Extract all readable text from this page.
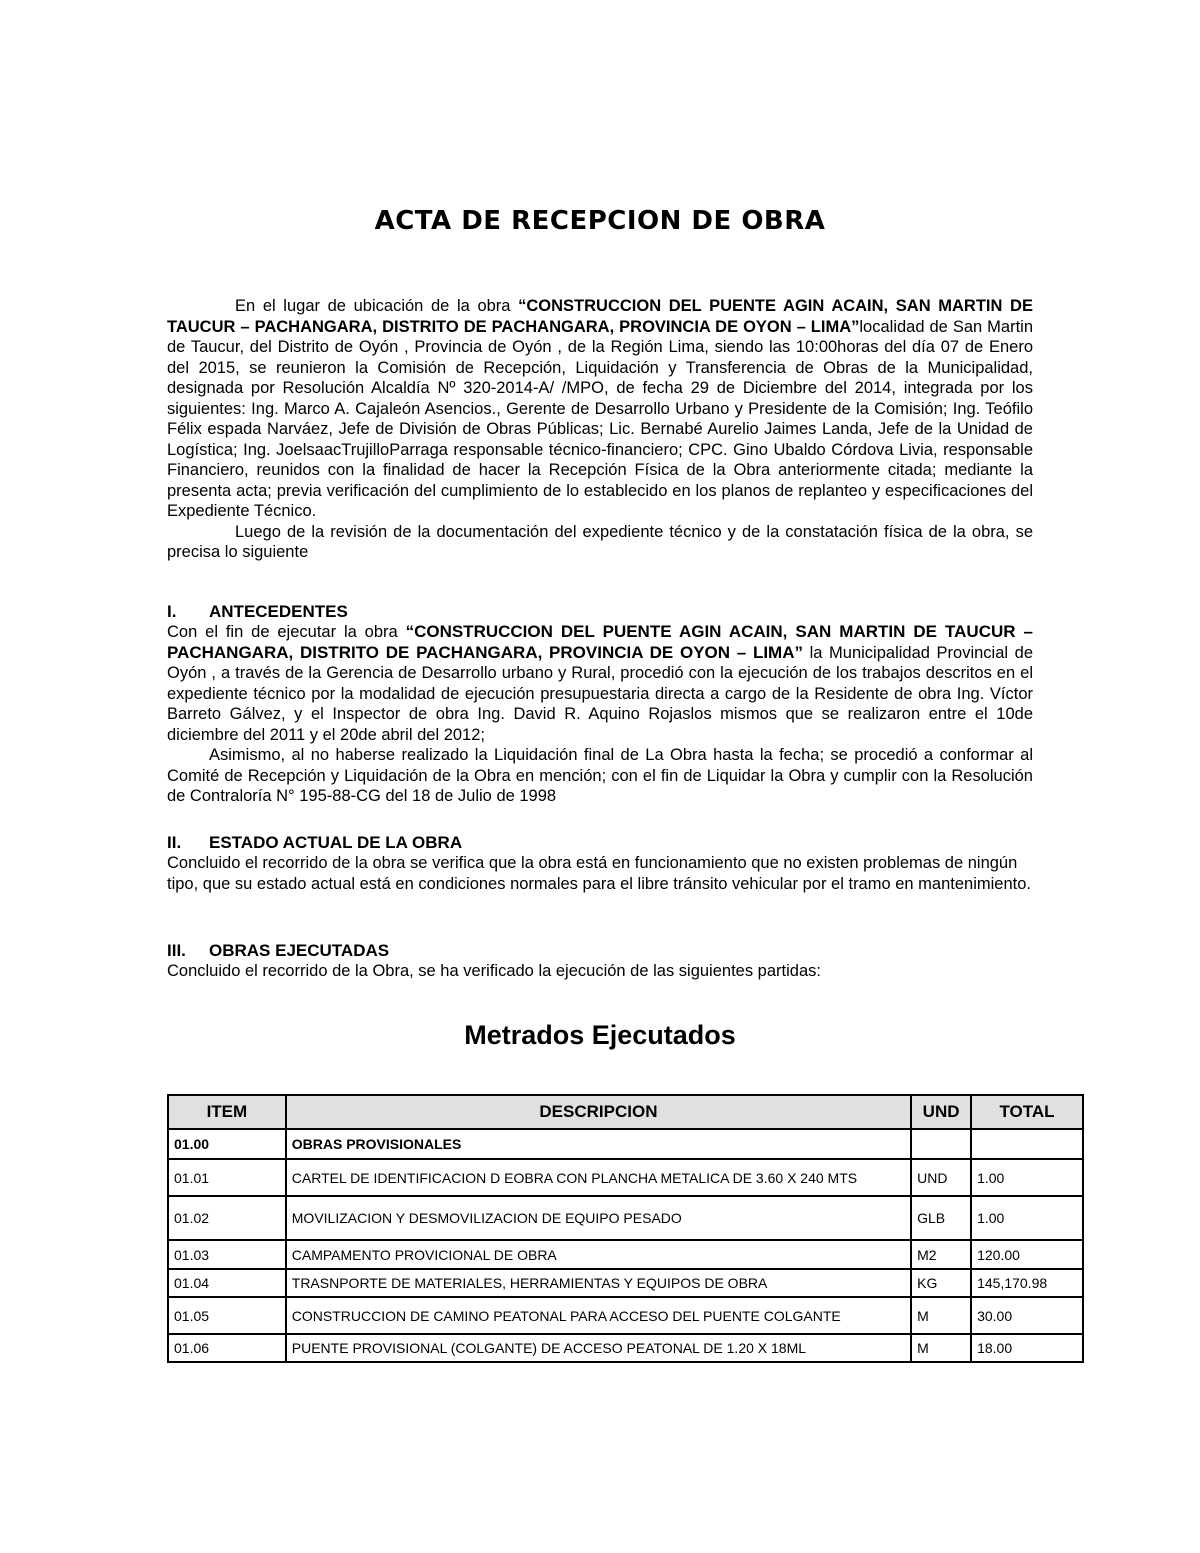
ACTA DE RECEPCION DE OBRA

En el lugar de ubicación de la obra “CONSTRUCCION DEL PUENTE AGIN ACAIN, SAN MARTIN DE TAUCUR – PACHANGARA, DISTRITO DE PACHANGARA, PROVINCIA DE OYON – LIMA”localidad de San Martin de Taucur, del Distrito de Oyón , Provincia de Oyón , de la Región Lima, siendo las 10:00horas del día 07 de Enero del 2015, se reunieron la Comisión de Recepción, Liquidación y Transferencia de Obras de la Municipalidad, designada por Resolución Alcaldía Nº 320-2014-A/ /MPO, de fecha 29 de Diciembre del 2014, integrada por los siguientes: Ing. Marco A. Cajaleón Asencios., Gerente de Desarrollo Urbano y Presidente de la Comisión; Ing. Teófilo Félix espada Narváez, Jefe de División de Obras Públicas; Lic. Bernabé Aurelio Jaimes Landa, Jefe de la Unidad de Logística; Ing. JoelsaacTrujilloParraga responsable técnico-financiero; CPC. Gino Ubaldo Córdova Livia, responsable Financiero, reunidos con la finalidad de hacer la Recepción Física de la Obra anteriormente citada; mediante la presenta acta; previa verificación del cumplimiento de lo establecido en los planos de replanteo y especificaciones del Expediente Técnico.

Luego de la revisión de la documentación del expediente técnico y de la constatación física de la obra, se precisa lo siguiente

I. ANTECEDENTES

Con el fin de ejecutar la obra “CONSTRUCCION DEL PUENTE AGIN ACAIN, SAN MARTIN DE TAUCUR – PACHANGARA, DISTRITO DE PACHANGARA, PROVINCIA DE OYON – LIMA” la Municipalidad Provincial de Oyón , a través de la Gerencia de Desarrollo urbano y Rural, procedió con la ejecución de los trabajos descritos en el expediente técnico por la modalidad de ejecución presupuestaria directa a cargo de la Residente de obra Ing. Víctor Barreto Gálvez, y el Inspector de obra Ing. David R. Aquino Rojaslos mismos que se realizaron entre el 10de diciembre del 2011 y el 20de abril del 2012;

Asimismo, al no haberse realizado la Liquidación final de La Obra hasta la fecha; se procedió a conformar al Comité de Recepción y Liquidación de la Obra en mención; con el fin de Liquidar la Obra y cumplir con la Resolución de Contraloría N° 195-88-CG del 18 de Julio de 1998

II. ESTADO ACTUAL DE LA OBRA

Concluido el recorrido de la obra se verifica que la obra está en funcionamiento que no existen problemas de ningún tipo, que su estado actual está en condiciones normales para el libre tránsito vehicular por el tramo en mantenimiento.

III. OBRAS EJECUTADAS

Concluido el recorrido de la Obra, se ha verificado la ejecución de las siguientes partidas:

Metrados Ejecutados
ITEM	DESCRIPCION	UND	TOTAL
01.00	OBRAS PROVISIONALES		
01.01	CARTEL DE IDENTIFICACION D EOBRA CON PLANCHA METALICA DE 3.60 X 240 MTS	UND	1.00
01.02	MOVILIZACION Y DESMOVILIZACION DE EQUIPO PESADO	GLB	1.00
01.03	CAMPAMENTO PROVICIONAL DE OBRA	M2	120.00
01.04	TRASNPORTE DE MATERIALES, HERRAMIENTAS Y EQUIPOS DE OBRA	KG	145,170.98
01.05	CONSTRUCCION DE CAMINO PEATONAL PARA ACCESO DEL PUENTE COLGANTE	M	30.00
01.06	PUENTE PROVISIONAL (COLGANTE) DE ACCESO PEATONAL DE 1.20 X 18ML	M	18.00
